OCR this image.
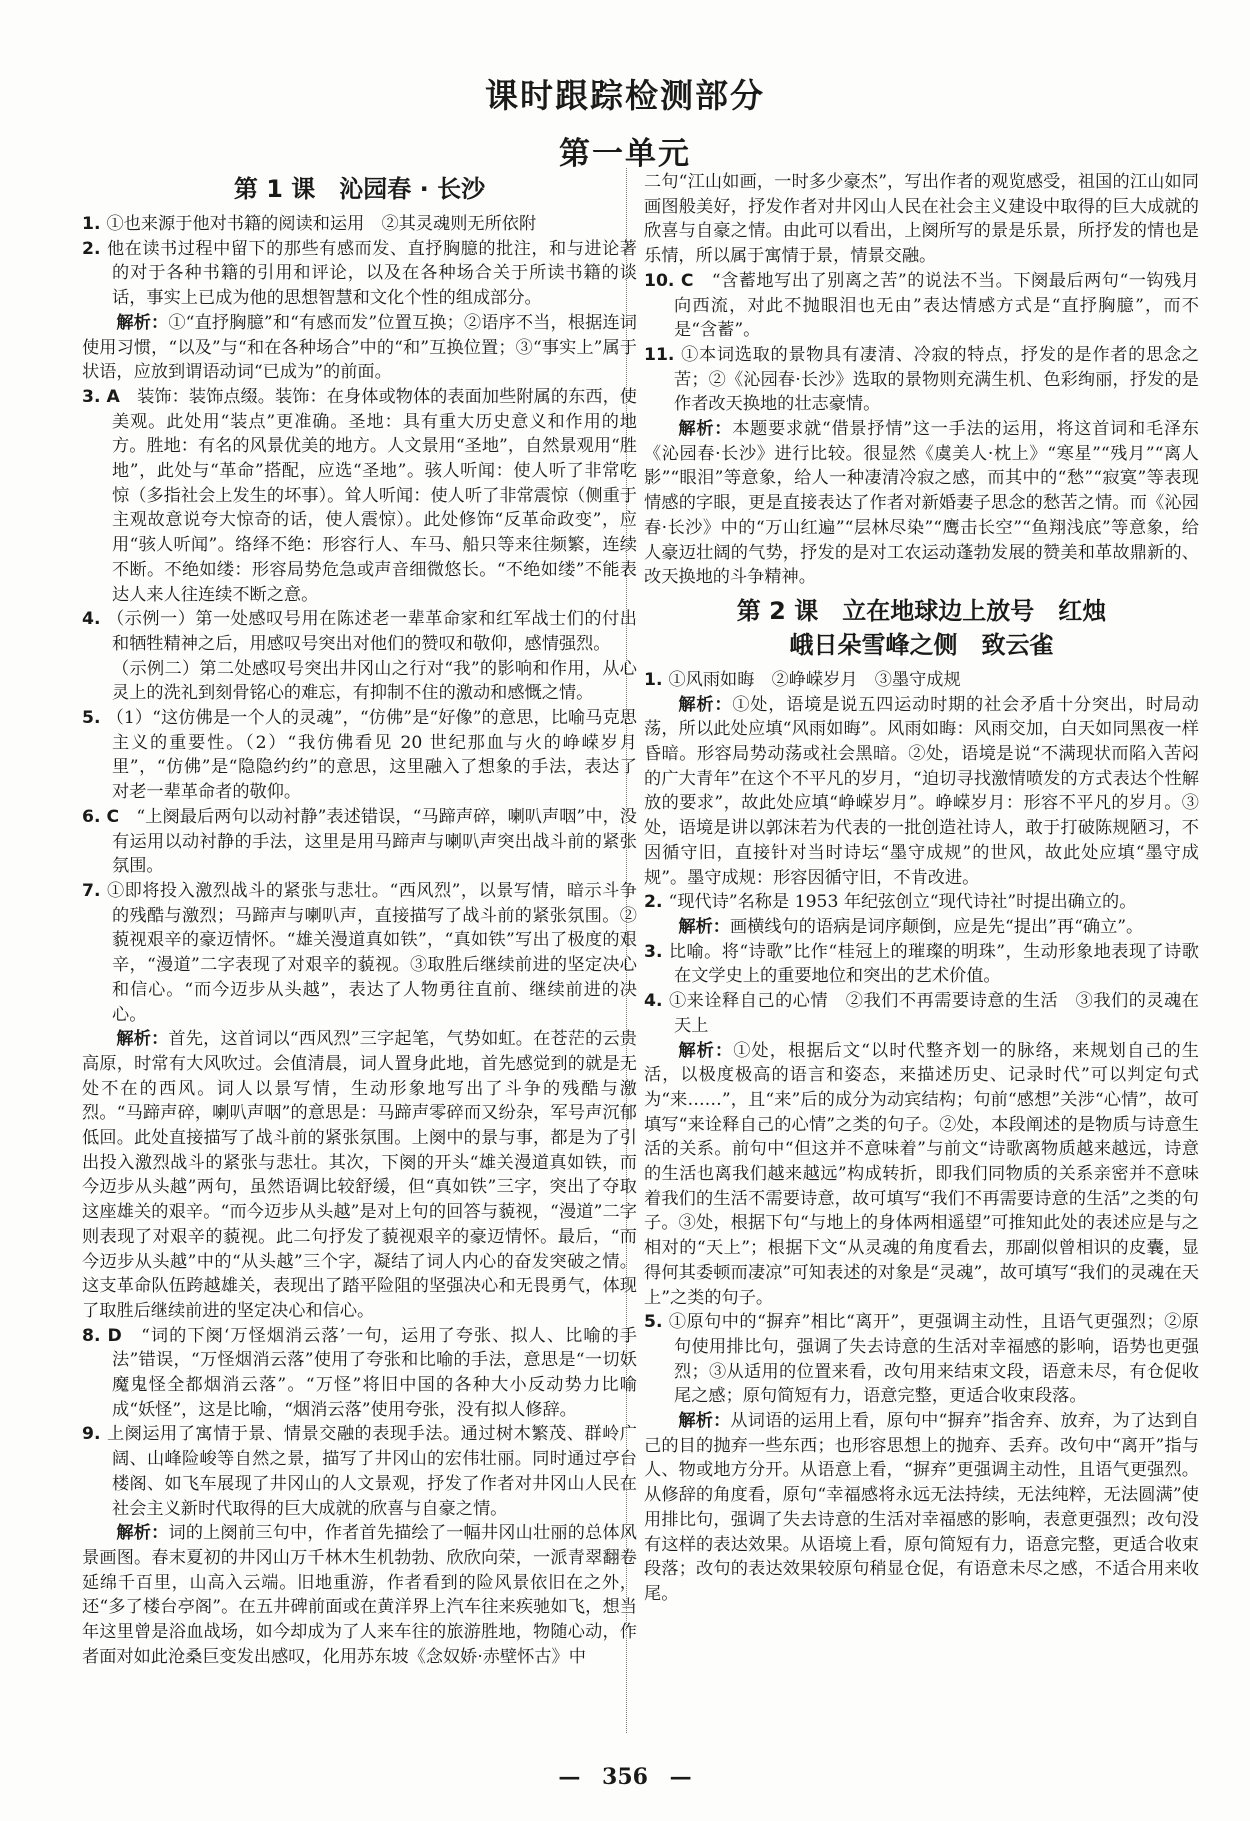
课时跟踪检测部分
第一单元
第 1 课　沁园春 · 长沙

1. ①也来源于他对书籍的阅读和运用　②其灵魂则无所依附

2. 他在读书过程中留下的那些有感而发、直抒胸臆的批注，和与进论著的对于各种书籍的引用和评论，以及在各种场合关于所读书籍的谈话，事实上已成为他的思想智慧和文化个性的组成部分。

解析：①“直抒胸臆”和“有感而发”位置互换；②语序不当，根据连词使用习惯，“以及”与“和在各种场合”中的“和”互换位置；③“事实上”属于状语，应放到谓语动词“已成为”的前面。

3. A　装饰：装饰点缀。装饰：在身体或物体的表面加些附属的东西，使美观。此处用“装点”更准确。圣地：具有重大历史意义和作用的地方。胜地：有名的风景优美的地方。人文景用“圣地”，自然景观用“胜地”，此处与“革命”搭配，应选“圣地”。骇人听闻：使人听了非常吃惊（多指社会上发生的坏事）。耸人听闻：使人听了非常震惊（侧重于主观故意说夸大惊奇的话，使人震惊）。此处修饰“反革命政变”，应用“骇人听闻”。络绎不绝：形容行人、车马、船只等来往频繁，连续不断。不绝如缕：形容局势危急或声音细微悠长。“不绝如缕”不能表达人来人往连续不断之意。

4. （示例一）第一处感叹号用在陈述老一辈革命家和红军战士们的付出和牺牲精神之后，用感叹号突出对他们的赞叹和敬仰，感情强烈。

（示例二）第二处感叹号突出井冈山之行对“我”的影响和作用，从心灵上的洗礼到刻骨铭心的难忘，有抑制不住的激动和感慨之情。

5. （1）“这仿佛是一个人的灵魂”，“仿佛”是“好像”的意思，比喻马克思主义的重要性。（2）“我仿佛看见 20 世纪那血与火的峥嵘岁月里”，“仿佛”是“隐隐约约”的意思，这里融入了想象的手法，表达了对老一辈革命者的敬仰。

6. C　“上阕最后两句以动衬静”表述错误，“马蹄声碎，喇叭声咽”中，没有运用以动衬静的手法，这里是用马蹄声与喇叭声突出战斗前的紧张氛围。

7. ①即将投入激烈战斗的紧张与悲壮。“西风烈”，以景写情，暗示斗争的残酷与激烈；马蹄声与喇叭声，直接描写了战斗前的紧张氛围。②藐视艰辛的豪迈情怀。“雄关漫道真如铁”，“真如铁”写出了极度的艰辛，“漫道”二字表现了对艰辛的藐视。③取胜后继续前进的坚定决心和信心。“而今迈步从头越”，表达了人物勇往直前、继续前进的决心。

解析：首先，这首词以“西风烈”三字起笔，气势如虹。在苍茫的云贵高原，时常有大风吹过。会值清晨，词人置身此地，首先感觉到的就是无处不在的西风。词人以景写情，生动形象地写出了斗争的残酷与激烈。“马蹄声碎，喇叭声咽”的意思是：马蹄声零碎而又纷杂，军号声沉郁低回。此处直接描写了战斗前的紧张氛围。上阕中的景与事，都是为了引出投入激烈战斗的紧张与悲壮。其次，下阕的开头“雄关漫道真如铁，而今迈步从头越”两句，虽然语调比较舒缓，但“真如铁”三字，突出了夺取这座雄关的艰辛。“而今迈步从头越”是对上句的回答与藐视，“漫道”二字则表现了对艰辛的藐视。此二句抒发了藐视艰辛的豪迈情怀。最后，“而今迈步从头越”中的“从头越”三个字，凝结了词人内心的奋发突破之情。这支革命队伍跨越雄关，表现出了踏平险阻的坚强决心和无畏勇气，体现了取胜后继续前进的坚定决心和信心。

8. D　“词的下阕‘万怪烟消云落’一句，运用了夸张、拟人、比喻的手法”错误，“万怪烟消云落”使用了夸张和比喻的手法，意思是“一切妖魔鬼怪全都烟消云落”。“万怪”将旧中国的各种大小反动势力比喻成“妖怪”，这是比喻，“烟消云落”使用夸张，没有拟人修辞。

9. 上阕运用了寓情于景、情景交融的表现手法。通过树木繁茂、群岭广阔、山峰险峻等自然之景，描写了井冈山的宏伟壮丽。同时通过亭台楼阁、如飞车展现了井冈山的人文景观，抒发了作者对井冈山人民在社会主义新时代取得的巨大成就的欣喜与自豪之情。

解析：词的上阕前三句中，作者首先描绘了一幅井冈山壮丽的总体风景画图。春末夏初的井冈山万千林木生机勃勃、欣欣向荣，一派青翠翻卷延绵千百里，山高入云端。旧地重游，作者看到的险风景依旧在之外，还“多了楼台亭阁”。在五井碑前面或在黄洋界上汽车往来疾驰如飞，想当年这里曾是浴血战场，如今却成为了人来车往的旅游胜地，物随心动，作者面对如此沧桑巨变发出感叹，化用苏东坡《念奴娇·赤壁怀古》中

二句“江山如画，一时多少豪杰”，写出作者的观览感受，祖国的江山如同画图般美好，抒发作者对井冈山人民在社会主义建设中取得的巨大成就的欣喜与自豪之情。由此可以看出，上阕所写的景是乐景，所抒发的情也是乐情，所以属于寓情于景，情景交融。

10. C　“含蓄地写出了别离之苦”的说法不当。下阕最后两句“一钩残月向西流，对此不抛眼泪也无由”表达情感方式是“直抒胸臆”，而不是“含蓄”。

11. ①本词选取的景物具有凄清、冷寂的特点，抒发的是作者的思念之苦；②《沁园春·长沙》选取的景物则充满生机、色彩绚丽，抒发的是作者改天换地的壮志豪情。

解析：本题要求就“借景抒情”这一手法的运用，将这首词和毛泽东《沁园春·长沙》进行比较。很显然《虞美人·枕上》“寒星”“残月”“离人影”“眼泪”等意象，给人一种凄清冷寂之感，而其中的“愁”“寂寞”等表现情感的字眼，更是直接表达了作者对新婚妻子思念的愁苦之情。而《沁园春·长沙》中的“万山红遍”“层林尽染”“鹰击长空”“鱼翔浅底”等意象，给人豪迈壮阔的气势，抒发的是对工农运动蓬勃发展的赞美和革故鼎新的、改天换地的斗争精神。

第 2 课　立在地球边上放号　红烛
峨日朵雪峰之侧　致云雀

1. ①风雨如晦　②峥嵘岁月　③墨守成规

解析：①处，语境是说五四运动时期的社会矛盾十分突出，时局动荡，所以此处应填“风雨如晦”。风雨如晦：风雨交加，白天如同黑夜一样昏暗。形容局势动荡或社会黑暗。②处，语境是说“不满现状而陷入苦闷的广大青年”在这个不平凡的岁月，“迫切寻找激情喷发的方式表达个性解放的要求”，故此处应填“峥嵘岁月”。峥嵘岁月：形容不平凡的岁月。③处，语境是讲以郭沫若为代表的一批创造社诗人，敢于打破陈规陋习，不因循守旧，直接针对当时诗坛“墨守成规”的世风，故此处应填“墨守成规”。墨守成规：形容因循守旧，不肯改进。

2. “现代诗”名称是 1953 年纪弦创立“现代诗社”时提出确立的。

解析：画横线句的语病是词序颠倒，应是先“提出”再“确立”。

3. 比喻。将“诗歌”比作“桂冠上的璀璨的明珠”，生动形象地表现了诗歌在文学史上的重要地位和突出的艺术价值。

4. ①来诠释自己的心情　②我们不再需要诗意的生活　③我们的灵魂在天上

解析：①处，根据后文“以时代整齐划一的脉络，来规划自己的生活，以极度极高的语言和姿态，来描述历史、记录时代”可以判定句式为“来……”，且“来”后的成分为动宾结构；句前“感想”关涉“心情”，故可填写“来诠释自己的心情”之类的句子。②处，本段阐述的是物质与诗意生活的关系。前句中“但这并不意味着”与前文“诗歌离物质越来越远，诗意的生活也离我们越来越远”构成转折，即我们同物质的关系亲密并不意味着我们的生活不需要诗意，故可填写“我们不再需要诗意的生活”之类的句子。③处，根据下句“与地上的身体两相遥望”可推知此处的表述应是与之相对的“天上”；根据下文“从灵魂的角度看去，那副似曾相识的皮囊，显得何其委顿而凄凉”可知表述的对象是“灵魂”，故可填写“我们的灵魂在天上”之类的句子。

5. ①原句中的“摒弃”相比“离开”，更强调主动性，且语气更强烈；②原句使用排比句，强调了失去诗意的生活对幸福感的影响，语势也更强烈；③从适用的位置来看，改句用来结束文段，语意未尽，有仓促收尾之感；原句简短有力，语意完整，更适合收束段落。

解析：从词语的运用上看，原句中“摒弃”指舍弃、放弃，为了达到自己的目的抛弃一些东西；也形容思想上的抛弃、丢弃。改句中“离开”指与人、物或地方分开。从语意上看，“摒弃”更强调主动性，且语气更强烈。从修辞的角度看，原句“幸福感将永远无法持续，无法纯粹，无法圆满”使用排比句，强调了失去诗意的生活对幸福感的影响，表意更强烈；改句没有这样的表达效果。从语境上看，原句简短有力，语意完整，更适合收束段落；改句的表达效果较原句稍显仓促，有语意未尽之感，不适合用来收尾。

— 356 —
